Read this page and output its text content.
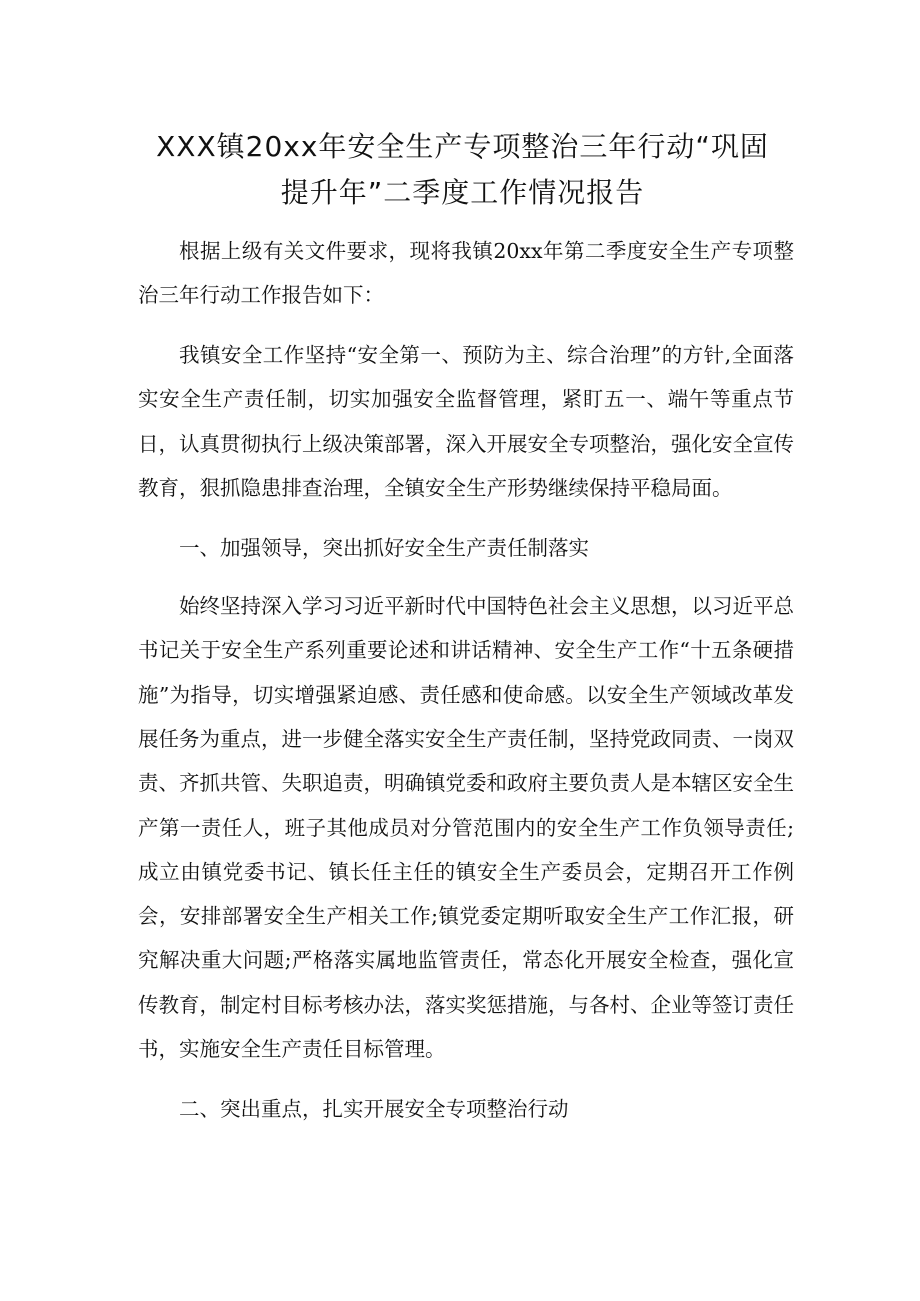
XXX镇20xx年安全生产专项整治三年行动“巩固
提升年”二季度工作情况报告

根据上级有关文件要求，现将我镇20xx年第二季度安全生产专项整治三年行动工作报告如下：

我镇安全工作坚持“安全第一、预防为主、综合治理”的方针,全面落实安全生产责任制，切实加强安全监督管理，紧盯五一、端午等重点节日，认真贯彻执行上级决策部署，深入开展安全专项整治，强化安全宣传教育，狠抓隐患排查治理，全镇安全生产形势继续保持平稳局面。

一、加强领导，突出抓好安全生产责任制落实

始终坚持深入学习习近平新时代中国特色社会主义思想，以习近平总书记关于安全生产系列重要论述和讲话精神、安全生产工作“十五条硬措施”为指导，切实增强紧迫感、责任感和使命感。以安全生产领域改革发展任务为重点，进一步健全落实安全生产责任制，坚持党政同责、一岗双责、齐抓共管、失职追责，明确镇党委和政府主要负责人是本辖区安全生产第一责任人，班子其他成员对分管范围内的安全生产工作负领导责任;成立由镇党委书记、镇长任主任的镇安全生产委员会，定期召开工作例会，安排部署安全生产相关工作;镇党委定期听取安全生产工作汇报，研究解决重大问题;严格落实属地监管责任，常态化开展安全检查，强化宣传教育，制定村目标考核办法，落实奖惩措施，与各村、企业等签订责任书，实施安全生产责任目标管理。

二、突出重点，扎实开展安全专项整治行动
